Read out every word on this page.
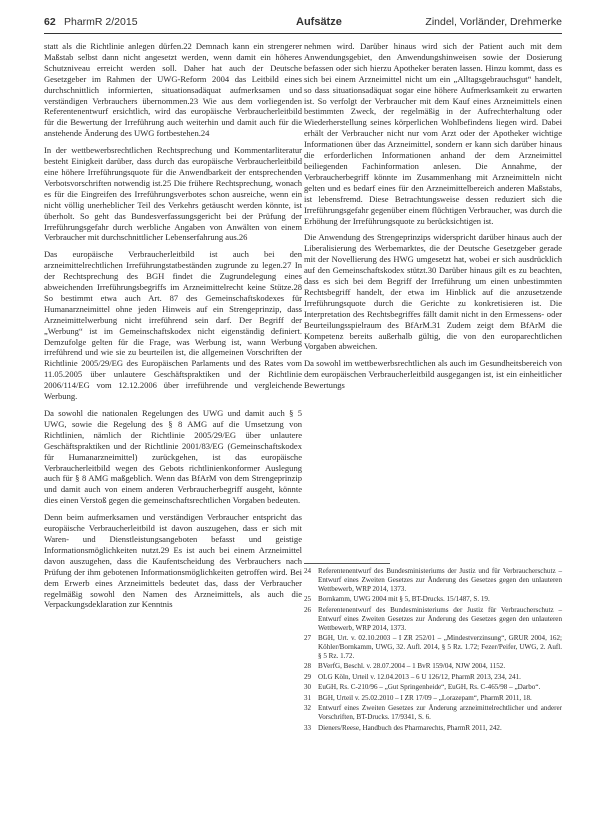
62 PharmR 2/2015	Aufsätze	Zindel, Vorländer, Drehmerke

statt als die Richtlinie anlegen dürfen.22 Demnach kann ein strengerer Maßstab selbst dann nicht angesetzt werden, wenn damit ein höheres Schutzniveau erreicht werden soll. Daher hat auch der Deutsche Gesetzgeber im Rahmen der UWG-Reform 2004 das Leitbild eines durchschnittlich informierten, situationsadäquat aufmerksamen und verständigen Verbrauchers übernommen.23 Wie aus dem vorliegenden Referentenentwurf ersichtlich, wird das europäische Verbraucherleitbild für die Bewertung der Irreführung auch weiterhin und damit auch für die anstehende Änderung des UWG fortbestehen.24

In der wettbewerbsrechtlichen Rechtsprechung und Kommentarliteratur besteht Einigkeit darüber, dass durch das europäische Verbraucherleitbild eine höhere Irreführungsquote für die Anwendbarkeit der entsprechenden Verbotsvorschriften notwendig ist.25 Die frühere Rechtsprechung, wonach es für die Eingreifen des Irreführungsverbotes schon ausreiche, wenn ein nicht völlig unerheblicher Teil des Verkehrs getäuscht werden könnte, ist überholt. So geht das Bundesverfassungsgericht bei der Prüfung der Irreführungsgefahr durch werbliche Angaben von Anwälten von einem Verbraucher mit durchschnittlicher Lebenserfahrung aus.26

Das europäische Verbraucherleitbild ist auch bei den arzneimittelrechtlichen Irreführungstatbeständen zugrunde zu legen.27 In der Rechtsprechung des BGH findet die Zugrundelegung eines abweichenden Irreführungsbegriffs im Arzneimittelrecht keine Stütze.28 So bestimmt etwa auch Art. 87 des Gemeinschaftskodexes für Humanarzneimittel ohne jeden Hinweis auf ein Strengeprinzip, dass Arzneimittelwerbung nicht irreführend sein darf. Der Begriff der „Werbung“ ist im Gemeinschaftskodex nicht eigenständig definiert. Demzufolge gelten für die Frage, was Werbung ist, wann Werbung irreführend und wie sie zu beurteilen ist, die allgemeinen Vorschriften der Richtlinie 2005/29/EG des Europäischen Parlaments und des Rates vom 11.05.2005 über unlautere Geschäftspraktiken und der Richtlinie 2006/114/EG vom 12.12.2006 über irreführende und vergleichende Werbung.

Da sowohl die nationalen Regelungen des UWG und damit auch § 5 UWG, sowie die Regelung des § 8 AMG auf die Umsetzung von Richtlinien, nämlich der Richtlinie 2005/29/EG über unlautere Geschäftspraktiken und der Richtlinie 2001/83/EG (Gemeinschaftskodex für Humanarzneimittel) zurückgehen, ist das europäische Verbraucherleitbild wegen des Gebots richtlinienkonformer Auslegung auch für § 8 AMG maßgeblich. Wenn das BfArM von dem Strengeprinzip und damit auch von einem anderen Verbraucherbegriff ausgeht, könnte dies einen Verstoß gegen die gemeinschaftsrechtlichen Vorgaben bedeuten.

Denn beim aufmerksamen und verständigen Verbraucher entspricht das europäische Verbraucherleitbild ist davon auszugehen, dass er sich mit Waren- und Dienstleistungsangeboten befasst und geistige Informationsmöglichkeiten nutzt.29 Es ist auch bei einem Arzneimittel davon auszugehen, dass die Kaufentscheidung des Verbrauchers nach Prüfung der ihm gebotenen Informationsmöglichkeiten getroffen wird. Bei dem Erwerb eines Arzneimittels bedeutet das, dass der Verbraucher regelmäßig sowohl den Namen des Arzneimittels, als auch die Verpackungsdeklaration zur Kenntnis

nehmen wird. Darüber hinaus wird sich der Patient auch mit dem Anwendungsgebiet, den Anwendungshinweisen sowie der Dosierung befassen oder sich hierzu Apotheker beraten lassen. Hinzu kommt, dass es sich bei einem Arzneimittel nicht um ein „Alltagsgebrauchsgut“ handelt, so dass situationsadäquat sogar eine höhere Aufmerksamkeit zu erwarten ist. So verfolgt der Verbraucher mit dem Kauf eines Arzneimittels einen bestimmten Zweck, der regelmäßig in der Aufrechterhaltung oder Wiederherstellung seines körperlichen Wohlbefindens liegen wird. Dabei erhält der Verbraucher nicht nur vom Arzt oder der Apotheker wichtige Informationen über das Arzneimittel, sondern er kann sich darüber hinaus die erforderlichen Informationen anhand der dem Arzneimittel beiliegenden Fachinformation anlesen. Die Annahme, der Verbraucherbegriff könnte im Zusammenhang mit Arzneimitteln nicht gelten und es bedarf eines für den Arzneimittelbereich anderen Maßstabs, ist lebensfremd. Diese Betrachtungsweise dessen reduziert sich die Irreführungsgefahr gegenüber einem flüchtigen Verbraucher, was durch die Erhöhung der Irreführungsquote zu berücksichtigen ist.

Die Anwendung des Strengeprinzips widerspricht darüber hinaus auch der Liberalisierung des Werbemarktes, die der Deutsche Gesetzgeber gerade mit der Novellierung des HWG umgesetzt hat, wobei er sich ausdrücklich auf den Gemeinschaftskodex stützt.30 Darüber hinaus gilt es zu beachten, dass es sich bei dem Begriff der Irreführung um einen unbestimmten Rechtsbegriff handelt, der etwa im Hinblick auf die anzusetzende Irreführungsquote durch die Gerichte zu konkretisieren ist. Die Interpretation des Rechtsbegriffes fällt damit nicht in den Ermessens- oder Beurteilungsspielraum des BfArM.31 Zudem zeigt dem BfArM die Kompetenz bereits außerhalb gültig, die von den europarechtlichen Vorgaben abweichen.

Da sowohl im wettbewerbsrechtlichen als auch im Gesundheitsbereich von dem europäischen Verbraucherleitbild ausgegangen ist, ist ein einheitlicher Bewertungs

24 Referentenentwurf des Bundesministeriums der Justiz und für Verbraucherschutz – Entwurf eines Zweiten Gesetzes zur Änderung des Gesetzes gegen den unlauteren Wettbewerb, WRP 2014, 1373.
25 Bornkamm, UWG 2004 mit § 5, BT-Drucks. 15/1487, S. 19.
26 Referentenentwurf des Bundesministeriums der Justiz für Verbraucherschutz – Entwurf eines Zweiten Gesetzes zur Änderung des Gesetzes gegen den unlauteren Wettbewerb, WRP 2014, 1373.
27 BGH, Urt. v. 02.10.2003 – I ZR 252/01 – „Mindestverzinsung“, GRUR 2004, 162; Köhler/Bornkamm, UWG, 32. Aufl. 2014, § 5 Rz. 1.72; Fezer/Peifer, UWG, 2. Aufl. § 5 Rz. 1.72.
28 BVerfG, Beschl. v. 28.07.2004 – 1 BvR 159/04, NJW 2004, 1152.
29 OLG Köln, Urteil v. 12.04.2013 – 6 U 126/12, PharmR 2013, 234, 241.
30 EuGH, Rs. C-210/96 – „Gut Springenheide“, EuGH, Rs. C-465/98 – „Darbo“.
31 BGH, Urteil v. 25.02.2010 – I ZR 17/09 – „Lorazepam“, PharmR 2011, 18.
32 Entwurf eines Zweiten Gesetzes zur Änderung arzneimittelrechtlicher und anderer Vorschriften, BT-Drucks. 17/9341, S. 6.
33 Dieners/Reese, Handbuch des Pharmarechts, PharmR 2011, 242.
